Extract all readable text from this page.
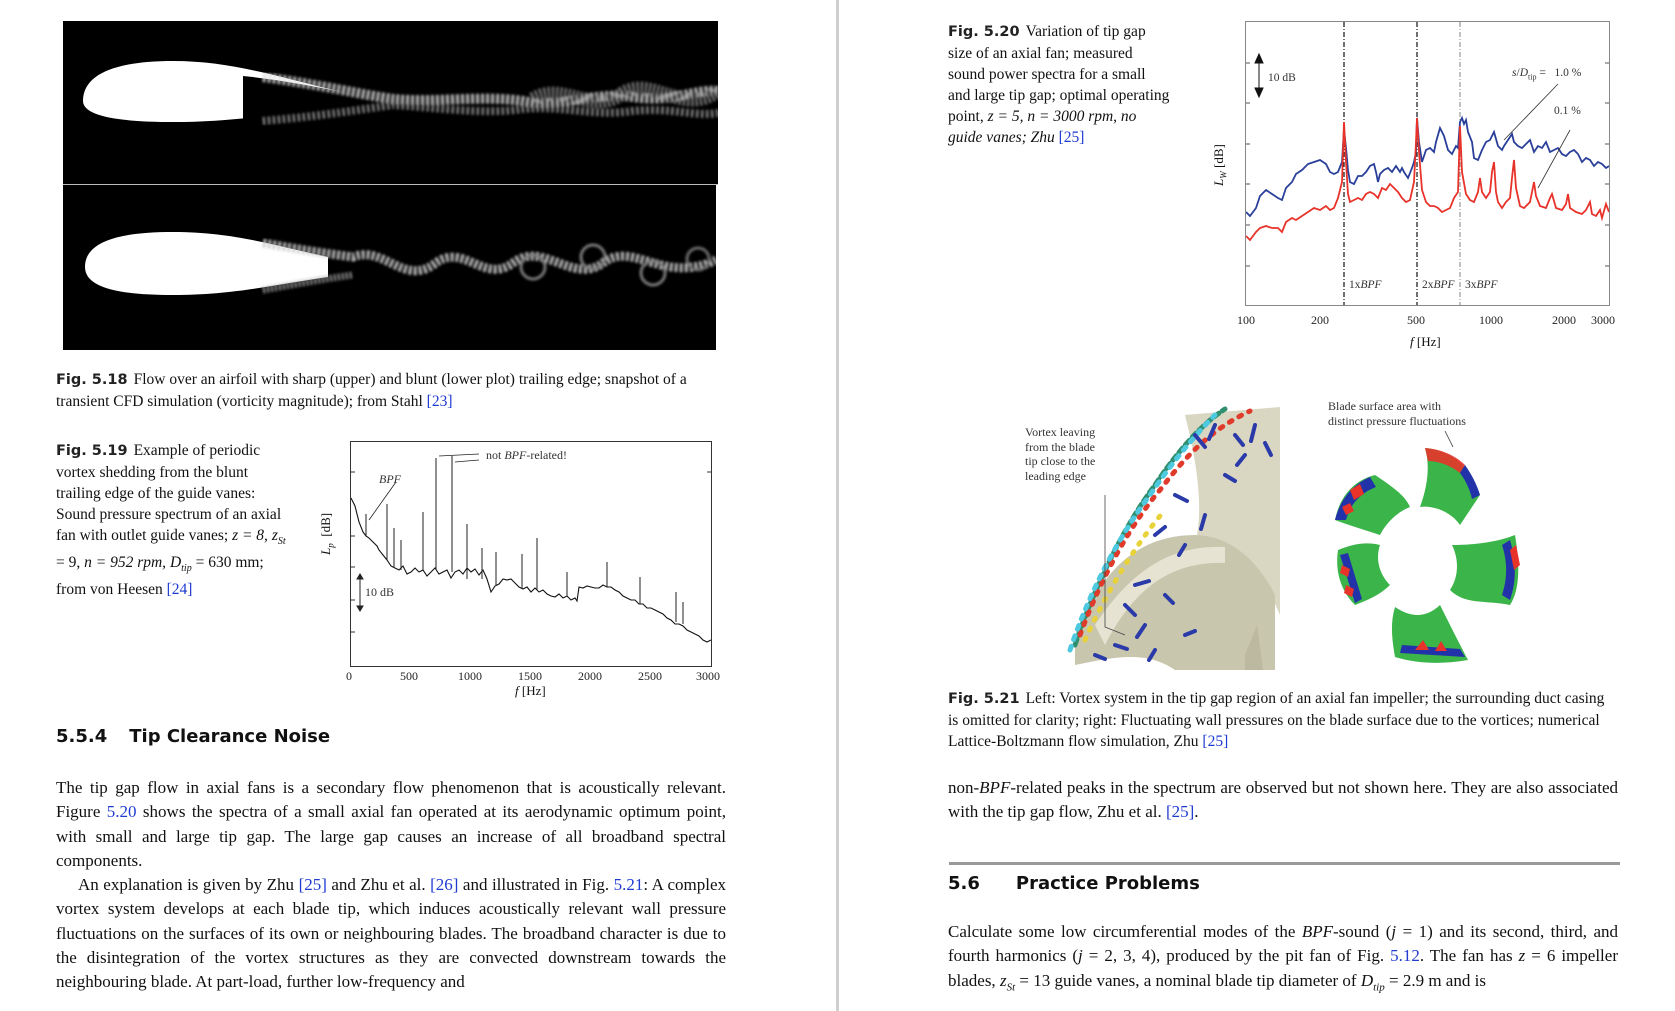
Fig. 5.18 Flow over an airfoil with sharp (upper) and blunt (lower plot) trailing edge; snapshot of a transient CFD simulation (vorticity magnitude); from Stahl [23]
Fig. 5.19 Example of periodic vortex shedding from the blunt trailing edge of the guide vanes: Sound pressure spectrum of an axial fan with outlet guide vanes; z = 8, $z_{St} = 9$, n = 952 rpm, $D_{tip} = 630$ mm; from von Heesen [24]
$L_p$  [dB]
10 dB
BPF
not BPF-related!
0	500	1000	1500	2000	2500	3000
f [Hz]
5.5.4 Tip Clearance Noise

The tip gap flow in axial fans is a secondary flow phenomenon that is acoustically relevant. Figure 5.20 shows the spectra of a small axial fan operated at its aerodynamic optimum point, with small and large tip gap. The large gap causes an increase of all broadband spectral components.

An explanation is given by Zhu [25] and Zhu et al. [26] and illustrated in Fig. 5.21: A complex vortex system develops at each blade tip, which induces acoustically relevant wall pressure fluctuations on the surfaces of its own or neighbouring blades. The broadband character is due to the disintegration of the vortex structures as they are convected downstream towards the neighbouring blade. At part-load, further low-frequency and

Fig. 5.20 Variation of tip gap size of an axial fan; measured sound power spectra for a small and large tip gap; optimal operating point, z = 5, n = 3000 rpm, no guide vanes; Zhu [25]
$L_W$ [dB]
10 dB	$s/D_{tip} = 1.0$ %
0.1 %
1xBPF	2xBPF 3xBPF
100	200	500	1000	2000 3000
f [Hz]
Vortex leaving
from the blade
tip close to the
leading edge
Blade surface area with
distinct pressure fluctuations
Fig. 5.21 Left: Vortex system in the tip gap region of an axial fan impeller; the surrounding duct casing is omitted for clarity; right: Fluctuating wall pressures on the blade surface due to the vortices; numerical Lattice-Boltzmann flow simulation, Zhu [25]

non-BPF-related peaks in the spectrum are observed but not shown here. They are also associated with the tip gap flow, Zhu et al. [25].

5.6 Practice Problems

Calculate some low circumferential modes of the BPF-sound (j = 1) and its second, third, and fourth harmonics (j = 2, 3, 4), produced by the pit fan of Fig. 5.12. The fan has z = 6 impeller blades, $z_{St} = 13$ guide vanes, a nominal blade tip diameter of $D_{tip} = 2.9$ m and is
